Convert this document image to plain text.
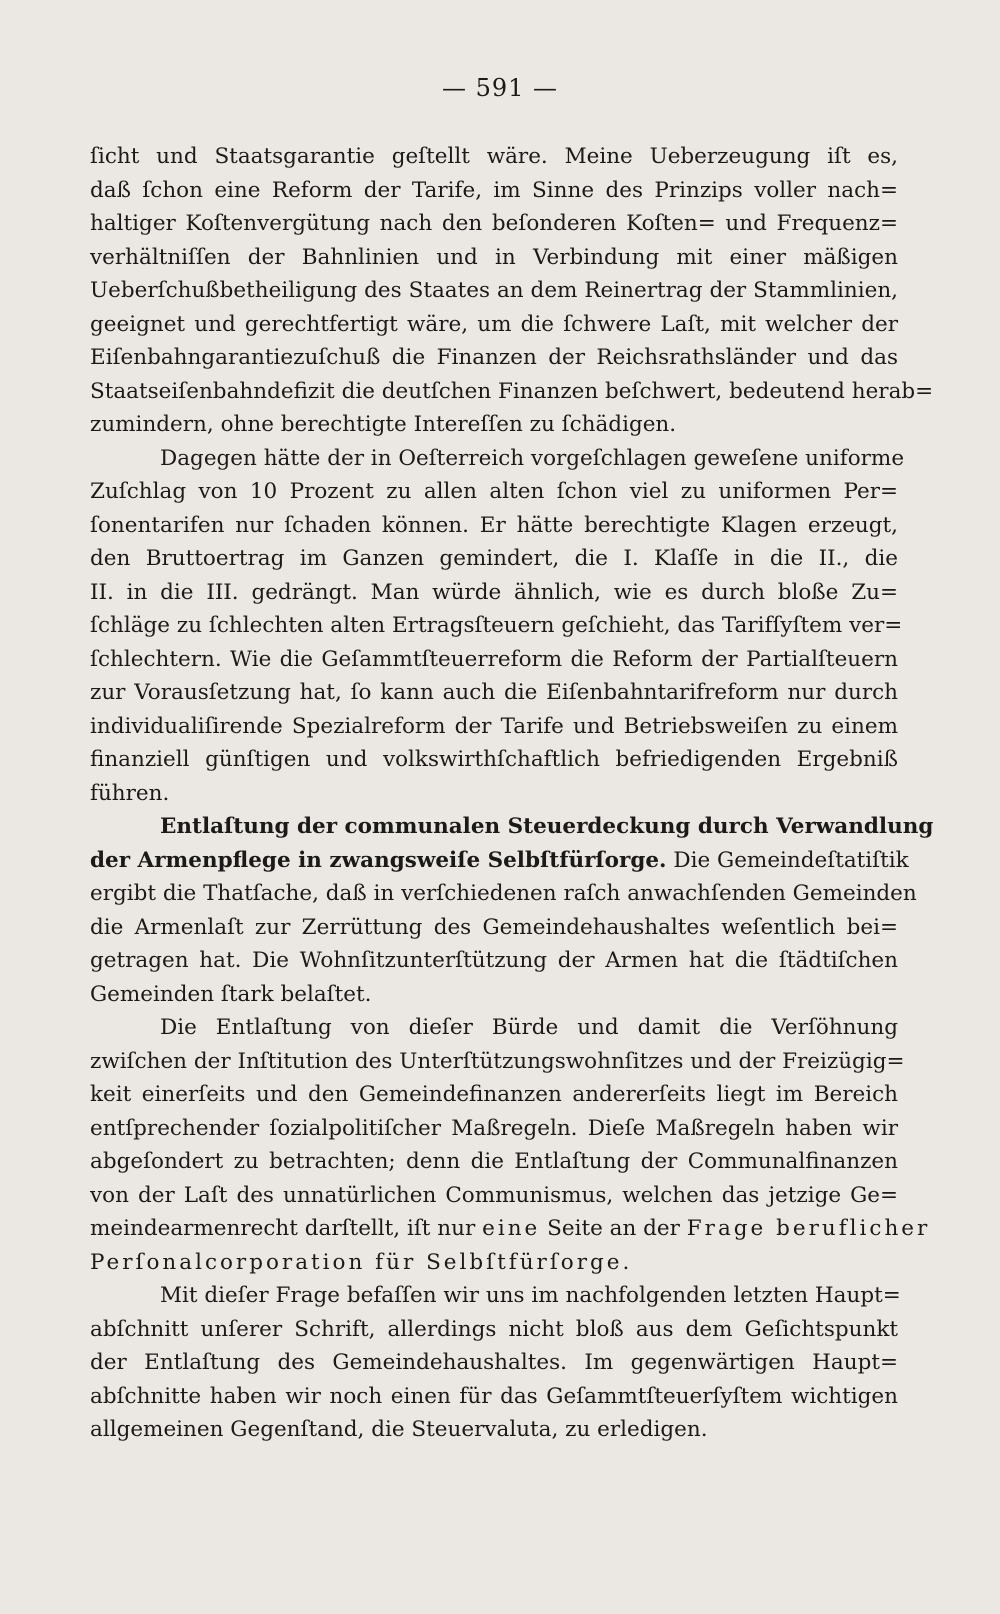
— 591 —
ſicht und Staatsgarantie geſtellt wäre. Meine Ueberzeugung iſt es,
daß ſchon eine Reform der Tarife, im Sinne des Prinzips voller nach=
haltiger Koſtenvergütung nach den beſonderen Koſten= und Frequenz=
verhältniſſen der Bahnlinien und in Verbindung mit einer mäßigen
Ueberſchußbetheiligung des Staates an dem Reinertrag der Stammlinien,
geeignet und gerechtfertigt wäre, um die ſchwere Laſt, mit welcher der
Eiſenbahngarantiezuſchuß die Finanzen der Reichsrathsländer und das
Staatseiſenbahndefizit die deutſchen Finanzen beſchwert, bedeutend herab=
zumindern, ohne berechtigte Intereſſen zu ſchädigen.
Dagegen hätte der in Oeſterreich vorgeſchlagen geweſene uniforme
Zuſchlag von 10 Prozent zu allen alten ſchon viel zu uniformen Per=
ſonentarifen nur ſchaden können. Er hätte berechtigte Klagen erzeugt,
den Bruttoertrag im Ganzen gemindert, die I. Klaſſe in die II., die
II. in die III. gedrängt. Man würde ähnlich, wie es durch bloße Zu=
ſchläge zu ſchlechten alten Ertragsſteuern geſchieht, das Tarifſyſtem ver=
ſchlechtern. Wie die Geſammtſteuerreform die Reform der Partialſteuern
zur Vorausſetzung hat, ſo kann auch die Eiſenbahntarifreform nur durch
individualiſirende Spezialreform der Tarife und Betriebsweiſen zu einem
finanziell günſtigen und volkswirthſchaftlich befriedigenden Ergebniß
führen.
Entlaſtung der communalen Steuerdeckung durch Verwandlung
der Armenpflege in zwangsweiſe Selbſtfürſorge. Die Gemeindeſtatiſtik
ergibt die Thatſache, daß in verſchiedenen raſch anwachſenden Gemeinden
die Armenlaſt zur Zerrüttung des Gemeindehaushaltes weſentlich bei=
getragen hat. Die Wohnſitzunterſtützung der Armen hat die ſtädtiſchen
Gemeinden ſtark belaſtet.
Die Entlaſtung von dieſer Bürde und damit die Verſöhnung
zwiſchen der Inſtitution des Unterſtützungswohnſitzes und der Freizügig=
keit einerſeits und den Gemeindefinanzen andererſeits liegt im Bereich
entſprechender ſozialpolitiſcher Maßregeln. Dieſe Maßregeln haben wir
abgeſondert zu betrachten; denn die Entlaſtung der Communalfinanzen
von der Laſt des unnatürlichen Communismus, welchen das jetzige Ge=
meindearmenrecht darſtellt, iſt nur eine Seite an der Frage beruflicher
Perſonalcorporation für Selbſtfürſorge.
Mit dieſer Frage befaſſen wir uns im nachfolgenden letzten Haupt=
abſchnitt unſerer Schrift, allerdings nicht bloß aus dem Geſichtspunkt
der Entlaſtung des Gemeindehaushaltes. Im gegenwärtigen Haupt=
abſchnitte haben wir noch einen für das Geſammtſteuerſyſtem wichtigen
allgemeinen Gegenſtand, die Steuervaluta, zu erledigen.
